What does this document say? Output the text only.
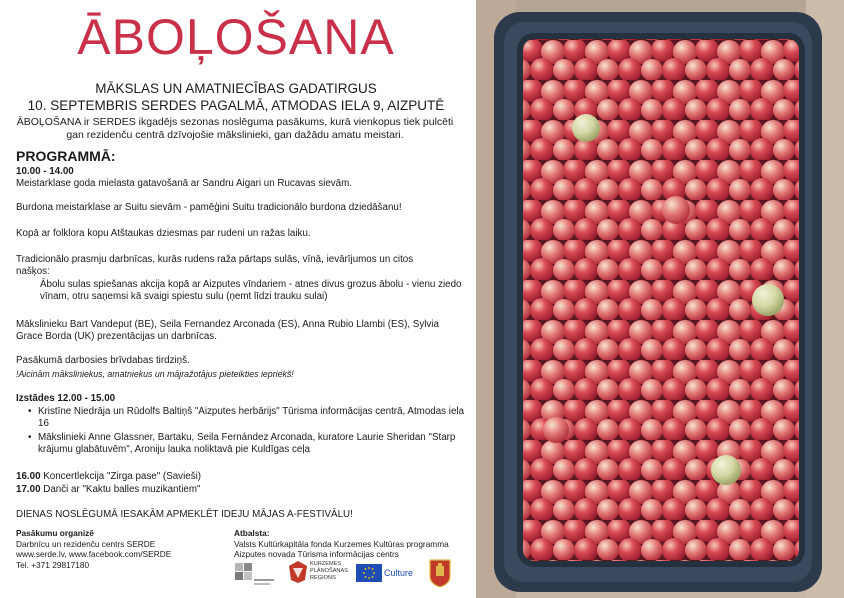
ĀBOĻOŠANA
MĀKSLAS UN AMATNIECĪBAS GADATIRGUS
10. SEPTEMBRIS SERDES PAGALMĀ, ATMODAS IELA 9, AIZPUTĒ
ĀBOĻOŠANA ir SERDES ikgadējs sezonas noslēguma pasākums, kurā vienkopus tiek pulcēti gan rezidenču centrā dzīvojošie mākslinieki, gan dažādu amatu meistari.
PROGRAMMĀ:
10.00 - 14.00
Meistarklase goda mielasta gatavošanā ar Sandru Aigari un Rucavas sievām.
Burdona meistarklase ar Suitu sievām - pamēģini Suitu tradicionālo burdona dziedāšanu!
Kopā ar folklora kopu Atštaukas dziesmas par rudeni un ražas laiku.
Tradicionālo prasmju darbnīcas, kurās rudens raža pārtaps sulās, vīnā, ievārījumos un citos
našķos:
Ābolu sulas spiešanas akcija kopā ar Aizputes vīndariem - atnes divus grozus ābolu - vienu ziedo vīnam, otru saņemsi kā svaigi spiestu sulu (ņemt līdzi trauku sulai)
Mākslinieku Bart Vandeput (BE), Seila Fernandez Arconada (ES), Anna Rubio Llambi (ES), Sylvia Grace Borda (UK) prezentācijas un darbnīcas.
Pasākumā darbosies brīvdabas tirdziņš.
!Aicinām māksliniekus, amatniekus un mājražotājus pieteikties iepriekš!
Izstādes 12.00 - 15.00
• Kristīne Niedrāja un Rūdolfs Baltiņš "Aizputes herbārijs" Tūrisma informācijas centrā, Atmodas iela 16
• Mākslinieki Anne Glassner, Bartaku, Seila Fernández Arconada, kuratore Laurie Sheridan "Starp krājumu glabātuvēm", Aroniju lauka noliktavā pie Kuldīgas ceļa
16.00 Koncertlekcija "Zirga pase" (Savieši)
17.00 Danči ar "Kaktu balles muzikantiem"
DIENAS NOSLĒGUMĀ IESAKĀM APMEKLĒT IDEJU MĀJAS A-FESTIVĀLU!
Pasākumu organizē
Darbnīcu un rezidenču centrs SERDE
www.serde.lv, www.facebook.com/SERDE
Tel. +371 29817180
Atbalsta:
Valsts Kultūrkapitāla fonda Kurzemes Kultūras programma
Aizputes novada Tūrisma informācijas centrs
KURZEMES PLĀNOŠANAS REĢIONS	Culture
